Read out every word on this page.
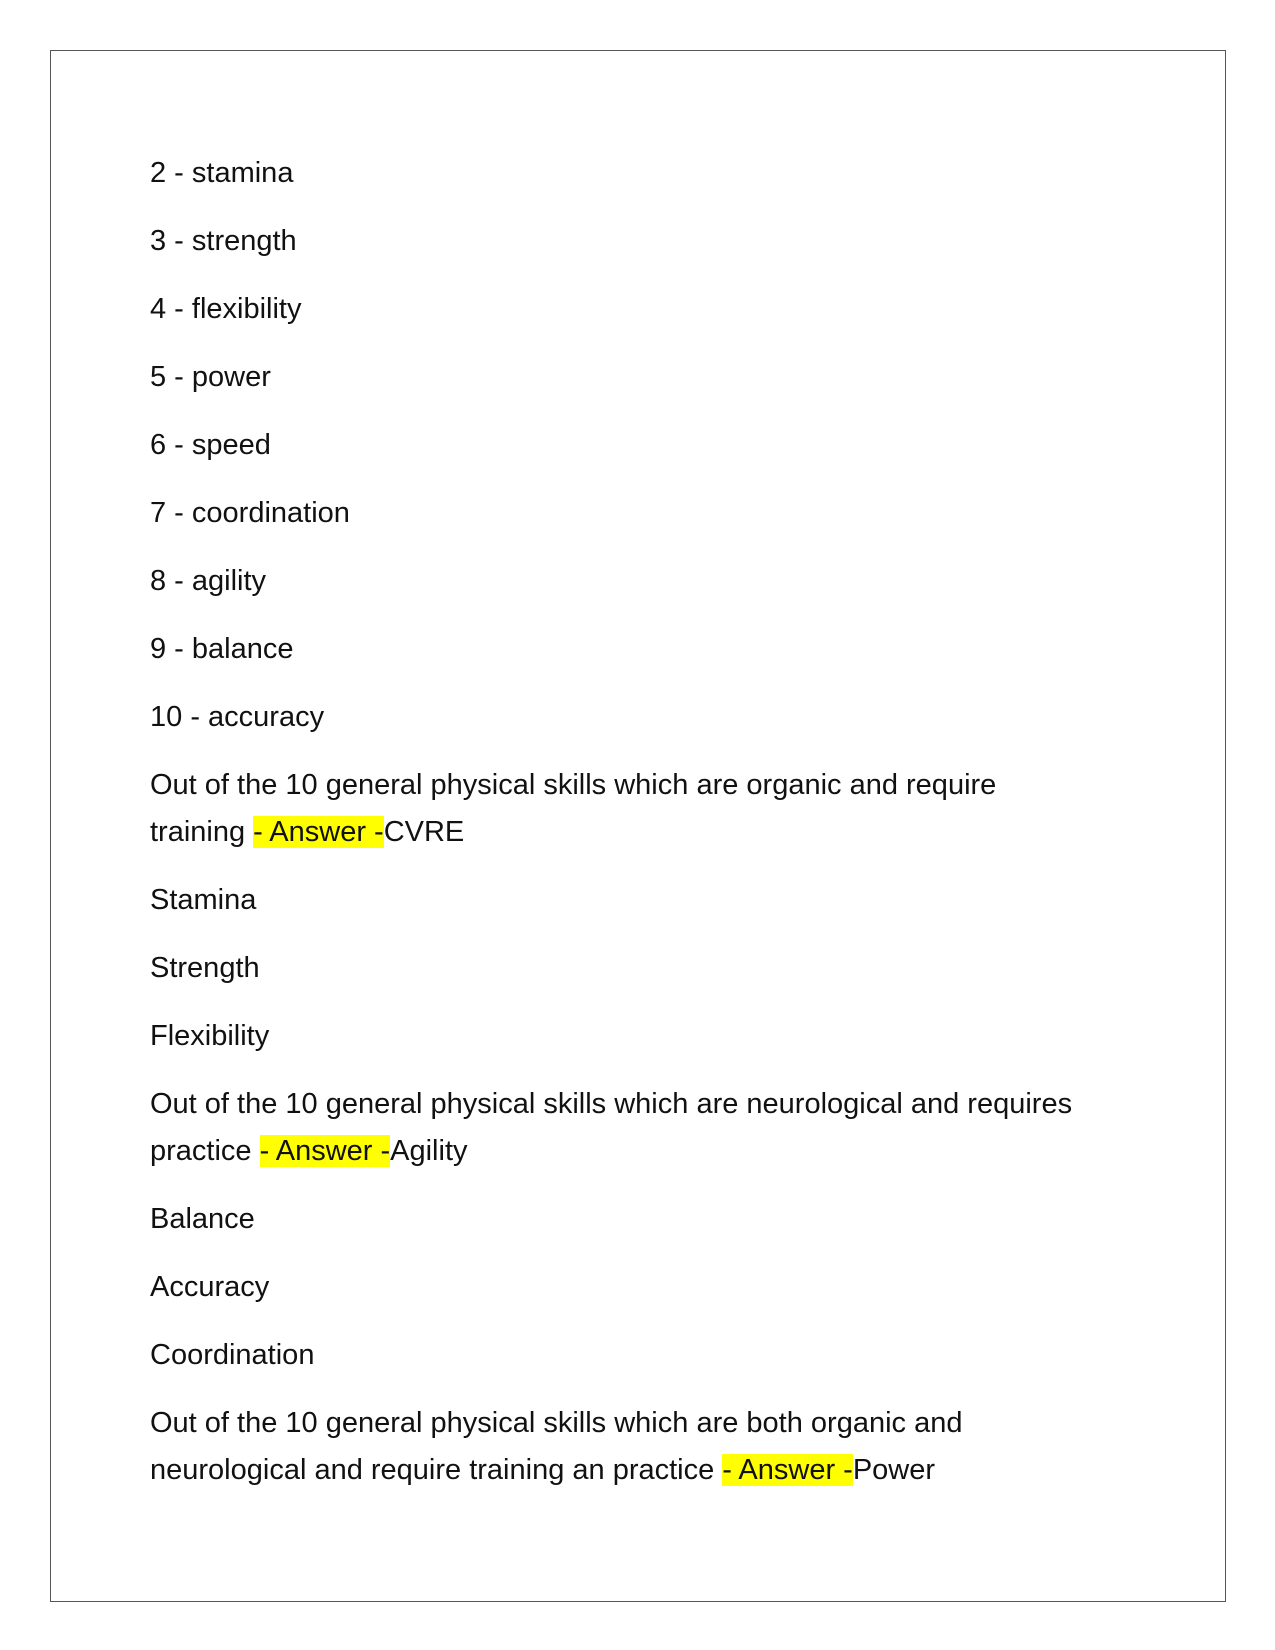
2 - stamina
3 - strength
4 - flexibility
5 - power
6 - speed
7 - coordination
8 - agility
9 - balance
10 - accuracy
Out of the 10 general physical skills which are organic and require
training - Answer -CVRE
Stamina
Strength
Flexibility
Out of the 10 general physical skills which are neurological and requires
practice - Answer -Agility
Balance
Accuracy
Coordination
Out of the 10 general physical skills which are both organic and
neurological and require training an practice - Answer -Power
